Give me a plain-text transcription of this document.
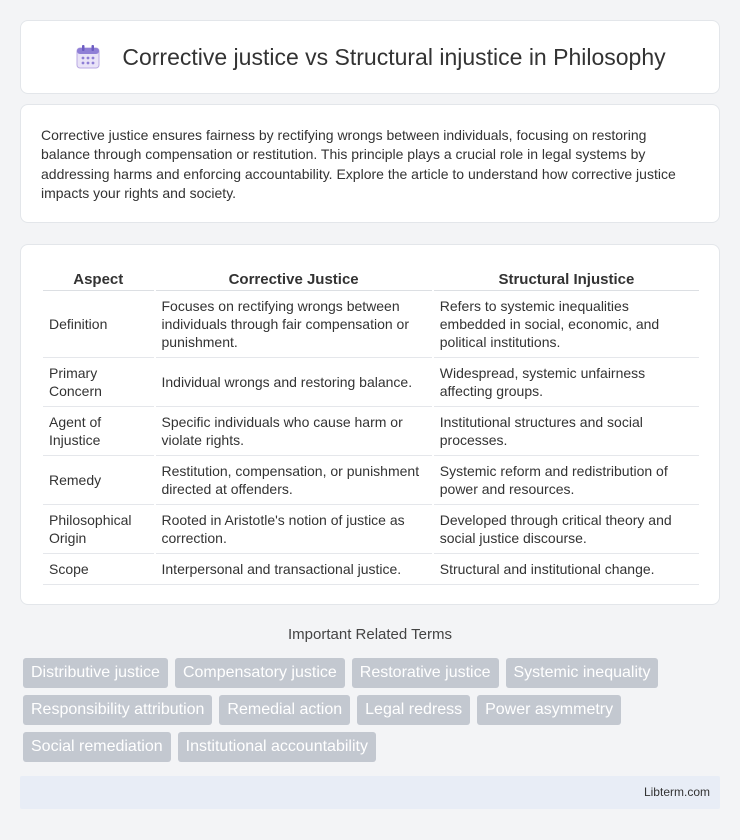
Corrective justice vs Structural injustice in Philosophy

Corrective justice ensures fairness by rectifying wrongs between individuals, focusing on restoring balance through compensation or restitution. This principle plays a crucial role in legal systems by addressing harms and enforcing accountability. Explore the article to understand how corrective justice impacts your rights and society.

Aspect		Corrective Justice		Structural Injustice
Definition		Focuses on rectifying wrongs between individuals through fair compensation or punishment.		Refers to systemic inequalities embedded in social, economic, and political institutions.
Primary Concern		Individual wrongs and restoring balance.		Widespread, systemic unfairness affecting groups.
Agent of Injustice		Specific individuals who cause harm or violate rights.		Institutional structures and social processes.
Remedy		Restitution, compensation, or punishment directed at offenders.		Systemic reform and redistribution of power and resources.
Philosophical Origin		Rooted in Aristotle's notion of justice as correction.		Developed through critical theory and social justice discourse.
Scope		Interpersonal and transactional justice.		Structural and institutional change.
Important Related Terms
Distributive justice	Compensatory justice	Restorative justice	Systemic inequality
Responsibility attribution	Remedial action	Legal redress	Power asymmetry
Social remediation	Institutional accountability
Libterm.com
